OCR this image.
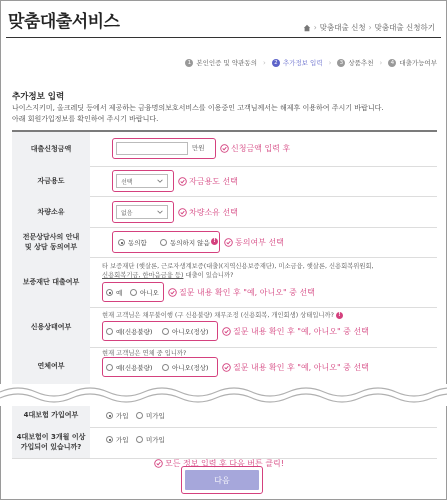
맞춤대출서비스	› 맞춤대출 신청 › 맞춤대출 신청하기
1 본인인증 및 약관동의 ›	2 추가정보 입력 ›	3 상품추천 ›	4 대출가능여부
추가정보 입력
나이스지키미, 올크레딧 등에서 제공하는 금융명의보호서비스를 이용중인 고객님께서는 해제후 이용하여 주시기 바랍니다.
아래 회원가입정보를 확인하여 주시기 바랍니다.
대출신청금액	만원	신청금액 입력 후
자금용도	선택	자금용도 선택
차량소유	없음	차량소유 선택
전문상담사의 안내
및 상담 동의여부	동의함	동의하지 않음 ! 동의여부 선택
보증재단 대출여부
타 보증재단 (햇살론, 근로자생계보증(대출)(지역신용보증재단), 미소금융, 햇살론, 신용회복위원회,
신용회복기금, 한마음금융 등) 대출이 있습니까?
예	아니오	질문 내용 확인 후 "예, 아니오" 중 선택
신용상태여부
현재 고객님은 채무불이행 (구 신용불량) 채무조정 (신용회복, 개인회생) 상태입니까? !
예(신용불량)	아니오(정상)	질문 내용 확인 후 "예, 아니오" 중 선택
연체여부
현재 고객님은 연체 중 입니까?
예(신용불량)	아니오(정상)	질문 내용 확인 후 "예, 아니오" 중 선택
4대보험 가입여부	가입	미가입
4대보험이 3개월 이상
가입되어 있습니까?
가입	미가입
모든 정보 입력 후 다음 버튼 클릭!
다음
